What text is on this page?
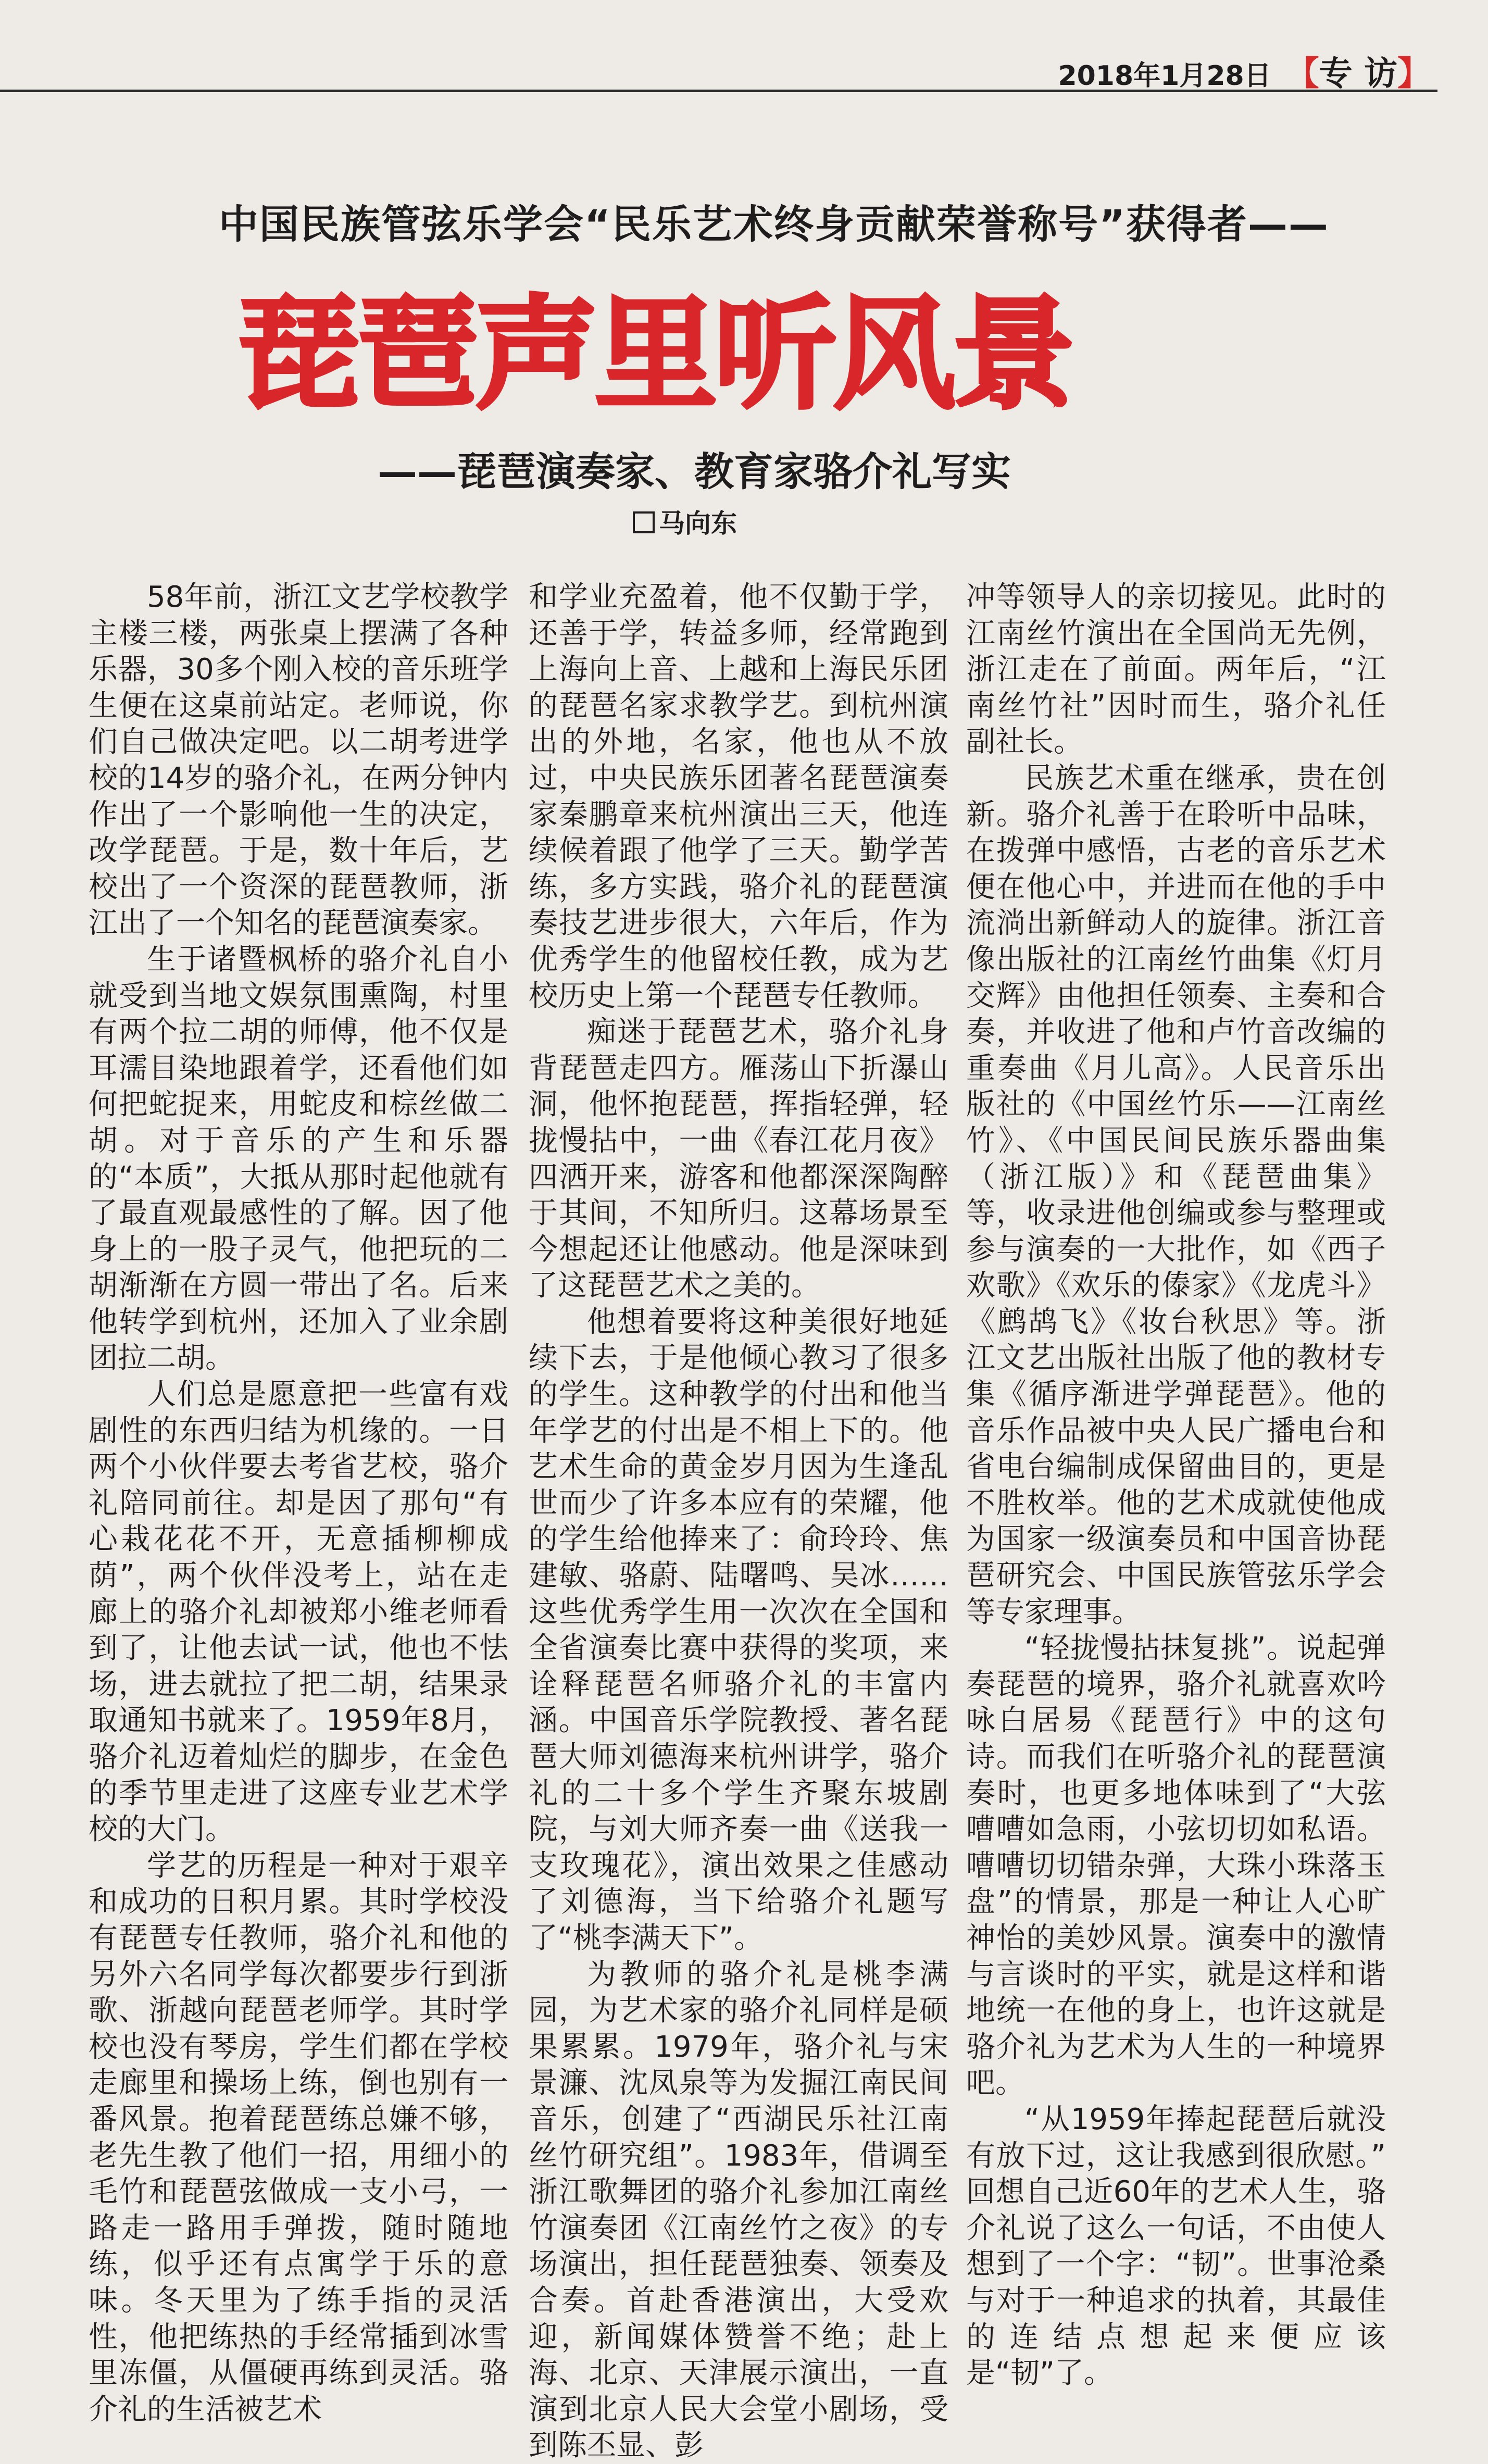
2018年1月28日 【专 访】
中国民族管弦乐学会“民乐艺术终身贡献荣誉称号”获得者——
琵琶声里听风景
——琵琶演奏家、教育家骆介礼写实
马向东

58年前，浙江文艺学校教学主楼三楼，两张桌上摆满了各种乐器，30多个刚入校的音乐班学生便在这桌前站定。老师说，你们自己做决定吧。以二胡考进学校的14岁的骆介礼，在两分钟内作出了一个影响他一生的决定，改学琵琶。于是，数十年后，艺校出了一个资深的琵琶教师，浙江出了一个知名的琵琶演奏家。

生于诸暨枫桥的骆介礼自小就受到当地文娱氛围熏陶，村里有两个拉二胡的师傅，他不仅是耳濡目染地跟着学，还看他们如何把蛇捉来，用蛇皮和棕丝做二胡。对于音乐的产生和乐器的“本质”，大抵从那时起他就有了最直观最感性的了解。因了他身上的一股子灵气，他把玩的二胡渐渐在方圆一带出了名。后来他转学到杭州，还加入了业余剧团拉二胡。

人们总是愿意把一些富有戏剧性的东西归结为机缘的。一日两个小伙伴要去考省艺校，骆介礼陪同前往。却是因了那句“有心栽花花不开，无意插柳柳成荫”，两个伙伴没考上，站在走廊上的骆介礼却被郑小维老师看到了，让他去试一试，他也不怯场，进去就拉了把二胡，结果录取通知书就来了。1959年8月，骆介礼迈着灿烂的脚步，在金色的季节里走进了这座专业艺术学校的大门。

学艺的历程是一种对于艰辛和成功的日积月累。其时学校没有琵琶专任教师，骆介礼和他的另外六名同学每次都要步行到浙歌、浙越向琵琶老师学。其时学校也没有琴房，学生们都在学校走廊里和操场上练，倒也别有一番风景。抱着琵琶练总嫌不够，老先生教了他们一招，用细小的毛竹和琵琶弦做成一支小弓，一路走一路用手弹拨，随时随地练，似乎还有点寓学于乐的意味。冬天里为了练手指的灵活性，他把练热的手经常插到冰雪里冻僵，从僵硬再练到灵活。骆介礼的生活被艺术

和学业充盈着，他不仅勤于学，还善于学，转益多师，经常跑到上海向上音、上越和上海民乐团的琵琶名家求教学艺。到杭州演出的外地，名家，他也从不放过，中央民族乐团著名琵琶演奏家秦鹏章来杭州演出三天，他连续候着跟了他学了三天。勤学苦练，多方实践，骆介礼的琵琶演奏技艺进步很大，六年后，作为优秀学生的他留校任教，成为艺校历史上第一个琵琶专任教师。

痴迷于琵琶艺术，骆介礼身背琵琶走四方。雁荡山下折瀑山洞，他怀抱琵琶，挥指轻弹，轻拢慢拈中，一曲《春江花月夜》四洒开来，游客和他都深深陶醉于其间，不知所归。这幕场景至今想起还让他感动。他是深味到了这琵琶艺术之美的。

他想着要将这种美很好地延续下去，于是他倾心教习了很多的学生。这种教学的付出和他当年学艺的付出是不相上下的。他艺术生命的黄金岁月因为生逢乱世而少了许多本应有的荣耀，他的学生给他捧来了：俞玲玲、焦建敏、骆蔚、陆曙鸣、吴冰……这些优秀学生用一次次在全国和全省演奏比赛中获得的奖项，来诠释琵琶名师骆介礼的丰富内涵。中国音乐学院教授、著名琵琶大师刘德海来杭州讲学，骆介礼的二十多个学生齐聚东坡剧院，与刘大师齐奏一曲《送我一支玫瑰花》，演出效果之佳感动了刘德海，当下给骆介礼题写了“桃李满天下”。

为教师的骆介礼是桃李满园，为艺术家的骆介礼同样是硕果累累。1979年，骆介礼与宋景濂、沈凤泉等为发掘江南民间音乐，创建了“西湖民乐社江南丝竹研究组”。1983年，借调至浙江歌舞团的骆介礼参加江南丝竹演奏团《江南丝竹之夜》的专场演出，担任琵琶独奏、领奏及合奏。首赴香港演出，大受欢迎，新闻媒体赞誉不绝；赴上海、北京、天津展示演出，一直演到北京人民大会堂小剧场，受到陈丕显、彭

冲等领导人的亲切接见。此时的江南丝竹演出在全国尚无先例，浙江走在了前面。两年后，“江南丝竹社”因时而生，骆介礼任副社长。

民族艺术重在继承，贵在创新。骆介礼善于在聆听中品味，在拨弹中感悟，古老的音乐艺术便在他心中，并进而在他的手中流淌出新鲜动人的旋律。浙江音像出版社的江南丝竹曲集《灯月交辉》由他担任领奏、主奏和合奏，并收进了他和卢竹音改编的重奏曲《月儿高》。人民音乐出版社的《中国丝竹乐——江南丝竹》、《中国民间民族乐器曲集（浙江版）》和《琵琶曲集》等，收录进他创编或参与整理或参与演奏的一大批作，如《西子欢歌》《欢乐的傣家》《龙虎斗》《鹧鸪飞》《妆台秋思》等。浙江文艺出版社出版了他的教材专集《循序渐进学弹琵琶》。他的音乐作品被中央人民广播电台和省电台编制成保留曲目的，更是不胜枚举。他的艺术成就使他成为国家一级演奏员和中国音协琵琶研究会、中国民族管弦乐学会等专家理事。

“轻拢慢拈抹复挑”。说起弹奏琵琶的境界，骆介礼就喜欢吟咏白居易《琵琶行》中的这句诗。而我们在听骆介礼的琵琶演奏时，也更多地体味到了“大弦嘈嘈如急雨，小弦切切如私语。嘈嘈切切错杂弹，大珠小珠落玉盘”的情景，那是一种让人心旷神怡的美妙风景。演奏中的激情与言谈时的平实，就是这样和谐地统一在他的身上，也许这就是骆介礼为艺术为人生的一种境界吧。

“从1959年捧起琵琶后就没有放下过，这让我感到很欣慰。”　回想自己近60年的艺术人生，骆介礼说了这么一句话，不由使人想到了一个字：“韧”。世事沧桑与对于一种追求的执着，其最佳的连结点想起来便应该是“韧”了。
